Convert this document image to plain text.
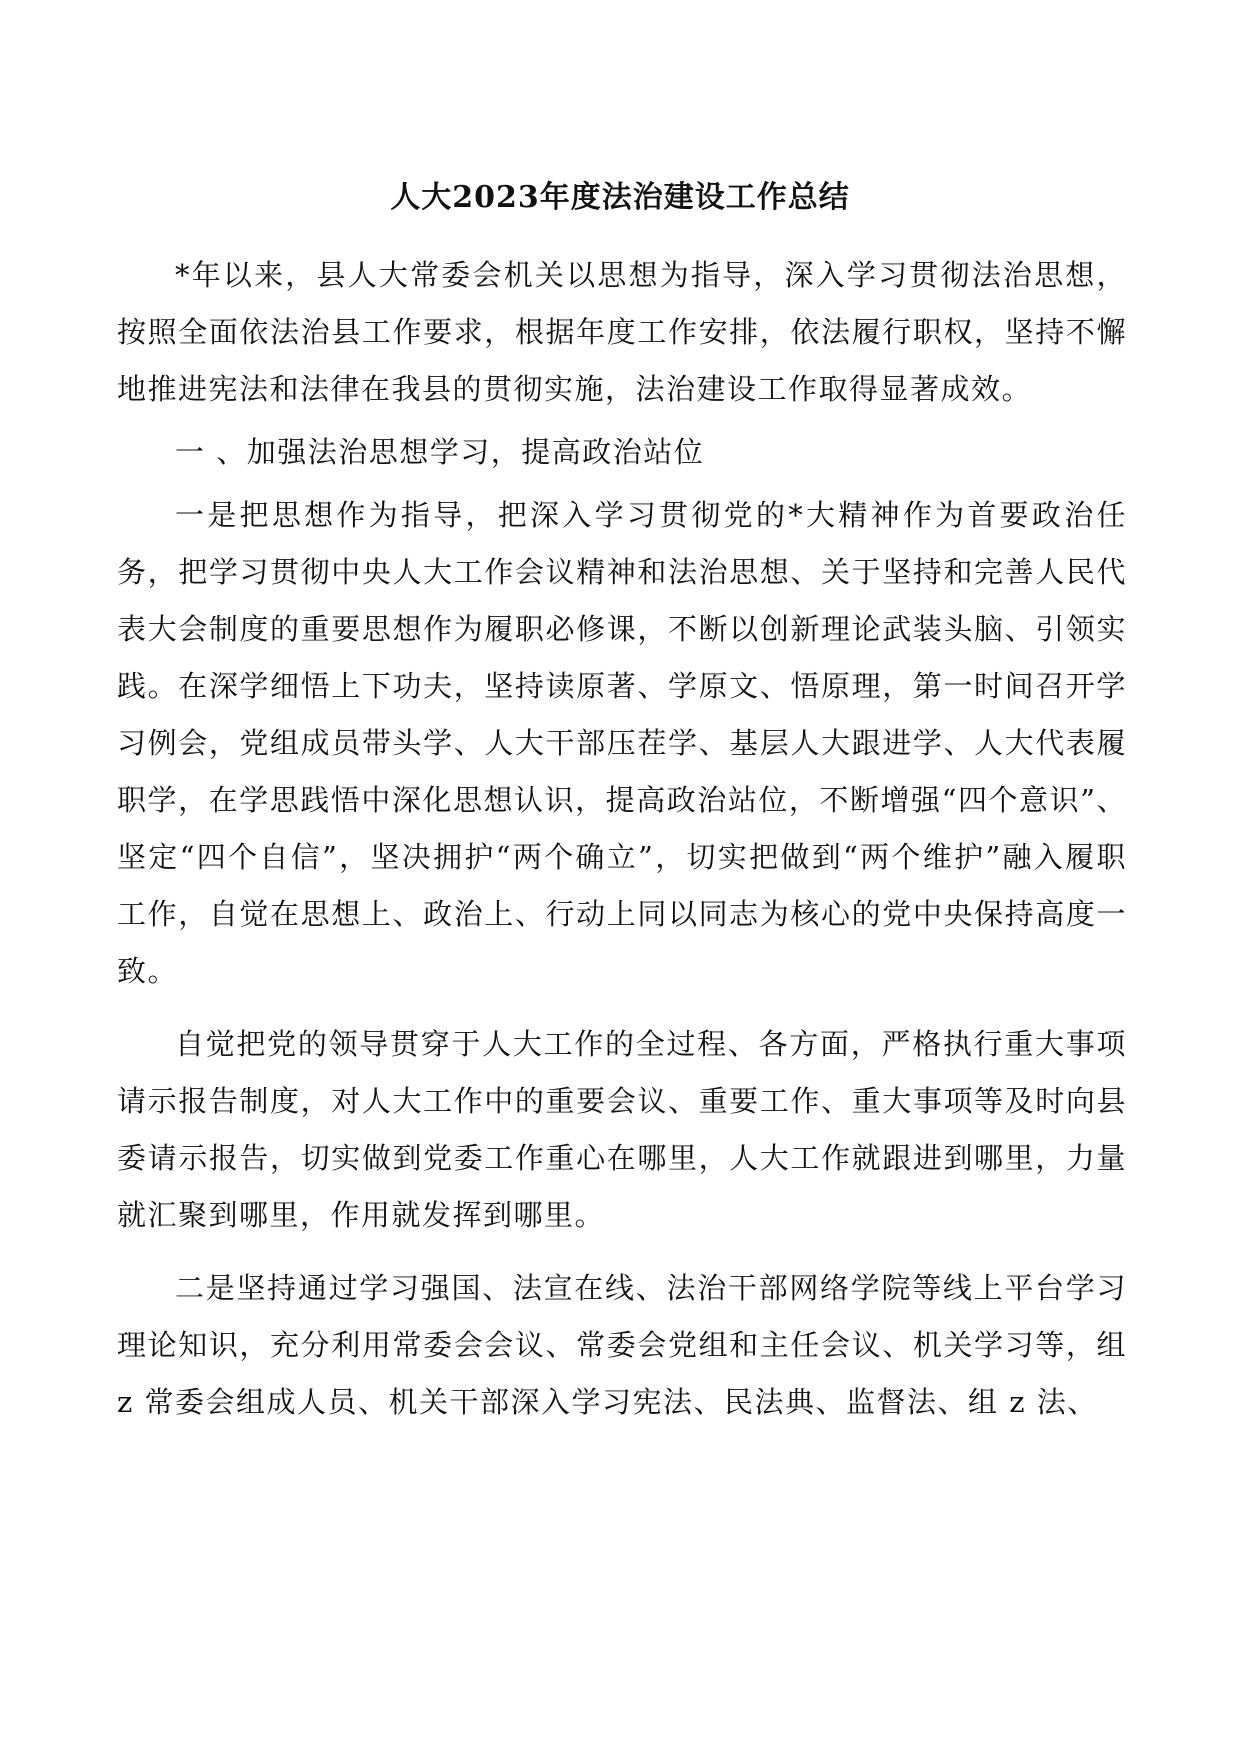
人大2023年度法治建设工作总结

*年以来，县人大常委会机关以思想为指导，深入学习贯彻法治思想，按照全面依法治县工作要求，根据年度工作安排，依法履行职权，坚持不懈地推进宪法和法律在我县的贯彻实施，法治建设工作取得显著成效。

一 、加强法治思想学习，提高政治站位

一是把思想作为指导，把深入学习贯彻党的*大精神作为首要政治任务，把学习贯彻中央人大工作会议精神和法治思想、关于坚持和完善人民代表大会制度的重要思想作为履职必修课，不断以创新理论武装头脑、引领实践。在深学细悟上下功夫，坚持读原著、学原文、悟原理，第一时间召开学习例会，党组成员带头学、人大干部压茬学、基层人大跟进学、人大代表履职学，在学思践悟中深化思想认识，提高政治站位，不断增强“四个意识”、坚定“四个自信”，坚决拥护“两个确立”，切实把做到“两个维护”融入履职工作，自觉在思想上、政治上、行动上同以同志为核心的党中央保持高度一致。

自觉把党的领导贯穿于人大工作的全过程、各方面，严格执行重大事项请示报告制度，对人大工作中的重要会议、重要工作、重大事项等及时向县委请示报告，切实做到党委工作重心在哪里，人大工作就跟进到哪里，力量就汇聚到哪里，作用就发挥到哪里。

二是坚持通过学习强国、法宣在线、法治干部网络学院等线上平台学习理论知识，充分利用常委会会议、常委会党组和主任会议、机关学习等，组 z 常委会组成人员、机关干部深入学习宪法、民法典、监督法、组 z 法、
